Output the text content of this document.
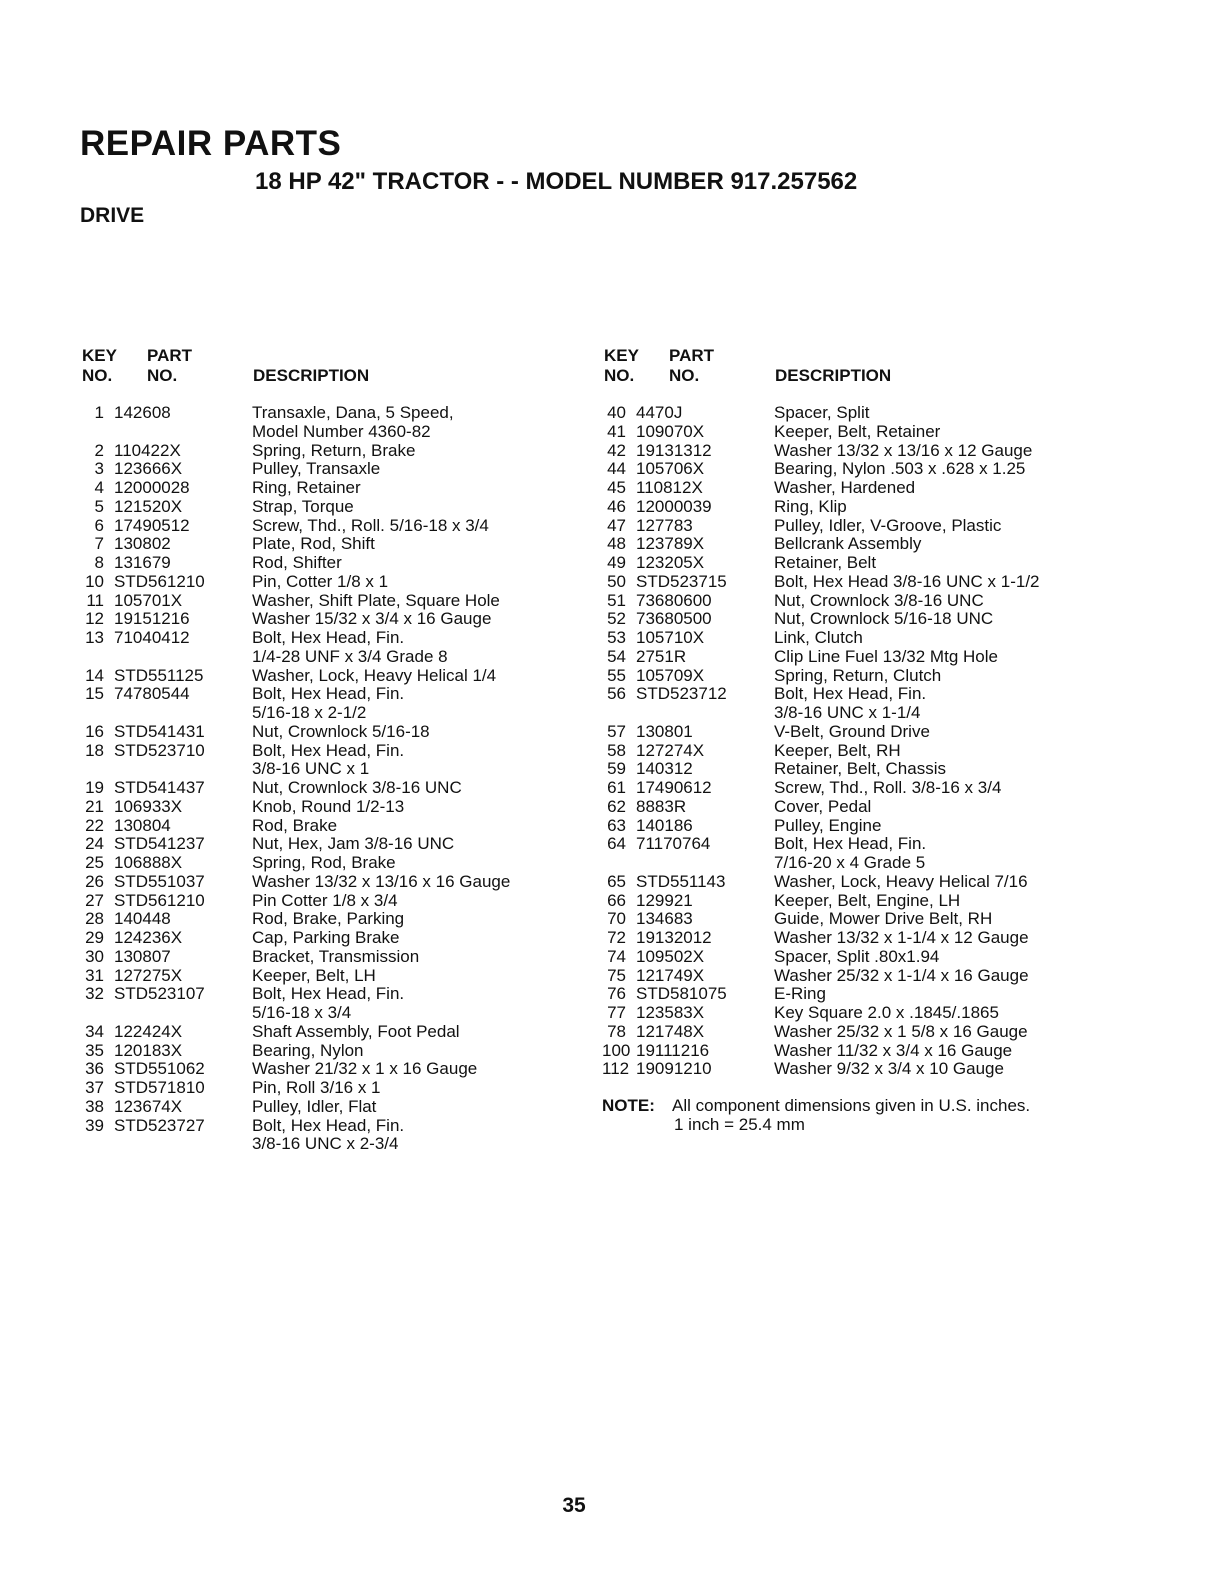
REPAIR PARTS
18 HP 42" TRACTOR - - MODEL NUMBER 917.257562
DRIVE
KEY
NO.
PART
NO.	DESCRIPTION
1 142608	Transaxle, Dana, 5 Speed,
Model Number 4360-82
2 110422X	Spring, Return, Brake
3 123666X	Pulley, Transaxle
4 12000028	Ring, Retainer
5 121520X	Strap, Torque
6 17490512	Screw, Thd., Roll. 5/16-18 x 3/4
7 130802	Plate, Rod, Shift
8 131679	Rod, Shifter
10 STD561210	Pin, Cotter 1/8 x 1
11 105701X	Washer, Shift Plate, Square Hole
12 19151216	Washer 15/32 x 3/4 x 16 Gauge
13 71040412	Bolt, Hex Head, Fin.
1/4-28 UNF x 3/4 Grade 8
14 STD551125	Washer, Lock, Heavy Helical 1/4
15 74780544	Bolt, Hex Head, Fin.
5/16-18 x 2-1/2
16 STD541431	Nut, Crownlock 5/16-18
18 STD523710	Bolt, Hex Head, Fin.
3/8-16 UNC x 1
19 STD541437	Nut, Crownlock 3/8-16 UNC
21 106933X	Knob, Round 1/2-13
22 130804	Rod, Brake
24 STD541237	Nut, Hex, Jam 3/8-16 UNC
25 106888X	Spring, Rod, Brake
26 STD551037	Washer 13/32 x 13/16 x 16 Gauge
27 STD561210	Pin Cotter 1/8 x 3/4
28 140448	Rod, Brake, Parking
29 124236X	Cap, Parking Brake
30 130807	Bracket, Transmission
31 127275X	Keeper, Belt, LH
32 STD523107	Bolt, Hex Head, Fin.
5/16-18 x 3/4
34 122424X	Shaft Assembly, Foot Pedal
35 120183X	Bearing, Nylon
36 STD551062	Washer 21/32 x 1 x 16 Gauge
37 STD571810	Pin, Roll 3/16 x 1
38 123674X	Pulley, Idler, Flat
39 STD523727	Bolt, Hex Head, Fin.
3/8-16 UNC x 2-3/4
KEY
NO.
PART
NO.	DESCRIPTION
40 4470J	Spacer, Split
41 109070X	Keeper, Belt, Retainer
42 19131312	Washer 13/32 x 13/16 x 12 Gauge
44 105706X	Bearing, Nylon .503 x .628 x 1.25
45 110812X	Washer, Hardened
46 12000039	Ring, Klip
47 127783	Pulley, Idler, V-Groove, Plastic
48 123789X	Bellcrank Assembly
49 123205X	Retainer, Belt
50 STD523715	Bolt, Hex Head 3/8-16 UNC x 1-1/2
51 73680600	Nut, Crownlock 3/8-16 UNC
52 73680500	Nut, Crownlock 5/16-18 UNC
53 105710X	Link, Clutch
54 2751R	Clip Line Fuel 13/32 Mtg Hole
55 105709X	Spring, Return, Clutch
56 STD523712	Bolt, Hex Head, Fin.
3/8-16 UNC x 1-1/4
57 130801	V-Belt, Ground Drive
58 127274X	Keeper, Belt, RH
59 140312	Retainer, Belt, Chassis
61 17490612	Screw, Thd., Roll. 3/8-16 x 3/4
62 8883R	Cover, Pedal
63 140186	Pulley, Engine
64 71170764	Bolt, Hex Head, Fin.
7/16-20 x 4 Grade 5
65 STD551143	Washer, Lock, Heavy Helical 7/16
66 129921	Keeper, Belt, Engine, LH
70 134683	Guide, Mower Drive Belt, RH
72 19132012	Washer 13/32 x 1-1/4 x 12 Gauge
74 109502X	Spacer, Split .80x1.94
75 121749X	Washer 25/32 x 1-1/4 x 16 Gauge
76 STD581075	E-Ring
77 123583X	Key Square 2.0 x .1845/.1865
78 121748X	Washer 25/32 x 1 5/8 x 16 Gauge
100 19111216	Washer 11/32 x 3/4 x 16 Gauge
112 19091210	Washer 9/32 x 3/4 x 10 Gauge
NOTE:	All component dimensions given in U.S. inches.
1 inch = 25.4 mm
35
